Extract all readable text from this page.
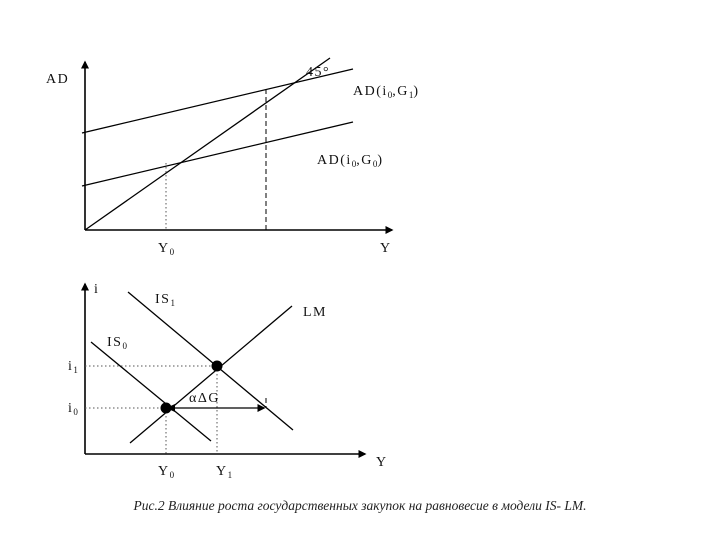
AD
Y
45°
$AD(i_0,G_1)$
$AD(i_0,G_0)$
$Y_0$
i
Y
$IS_1$
$IS_0$
LM
$i_1$
$i_0$
αΔG
$Y_0$	$Y_1$
Рис.2 Влияние роста государственных закупок на равновесие в модели IS- LM.
